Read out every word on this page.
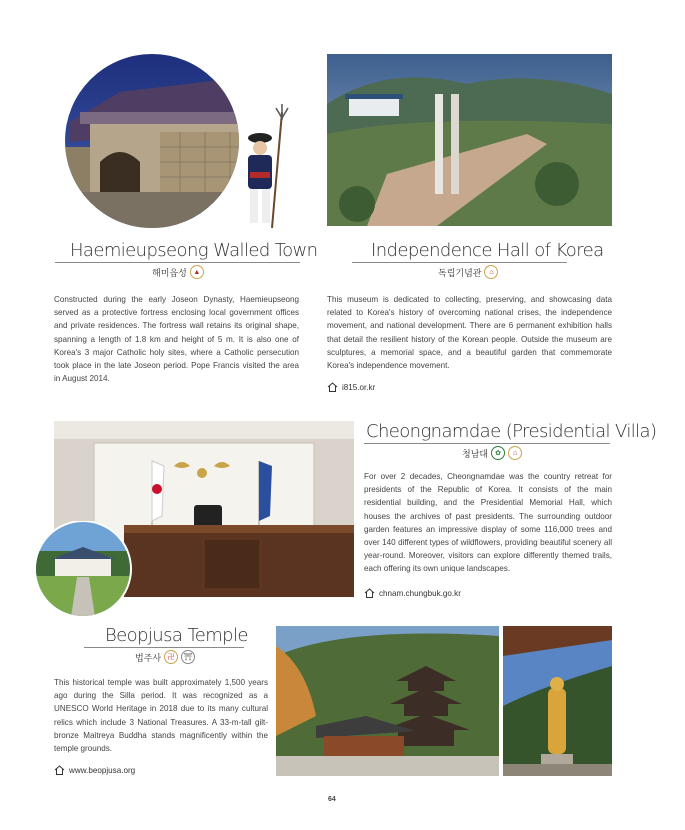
Haemieupseong Walled Town
해미읍성 ▲

Constructed during the early Joseon Dynasty, Haemieupseong served as a protective fortress enclosing local government offices and private residences. The fortress wall retains its original shape, spanning a length of 1.8 km and height of 5 m. It is also one of Korea's 3 major Catholic holy sites, where a Catholic persecution took place in the late Joseon period. Pope Francis visited the area in August 2014.

Independence Hall of Korea
독립기념관	⌂

This museum is dedicated to collecting, preserving, and showcasing data related to Korea's history of overcoming national crises, the independence movement, and national development. There are 6 permanent exhibition halls that detail the resilient history of the Korean people. Outside the museum are sculptures, a memorial space, and a beautiful garden that commemorate Korea's independence movement.

i815.or.kr
Cheongnamdae (Presidential Villa)
청남대	✿	⌂

For over 2 decades, Cheongnamdae was the country retreat for presidents of the Republic of Korea. It consists of the main residential building, and the Presidential Memorial Hall, which houses the archives of past presidents. The surrounding outdoor garden features an impressive display of some 116,000 trees and over 140 different types of wildflowers, providing beautiful scenery all year-round. Moreover, visitors can explore differently themed trails, each offering its own unique landscapes.

chnam.chungbuk.go.kr
Beopjusa Temple
법주사 卍	⛩

This historical temple was built approximately 1,500 years ago during the Silla period. It was recognized as a UNESCO World Heritage in 2018 due to its many cultural relics which include 3 National Treasures. A 33-m-tall gilt-bronze Maitreya Buddha stands magnificently within the temple grounds.

www.beopjusa.org
64
